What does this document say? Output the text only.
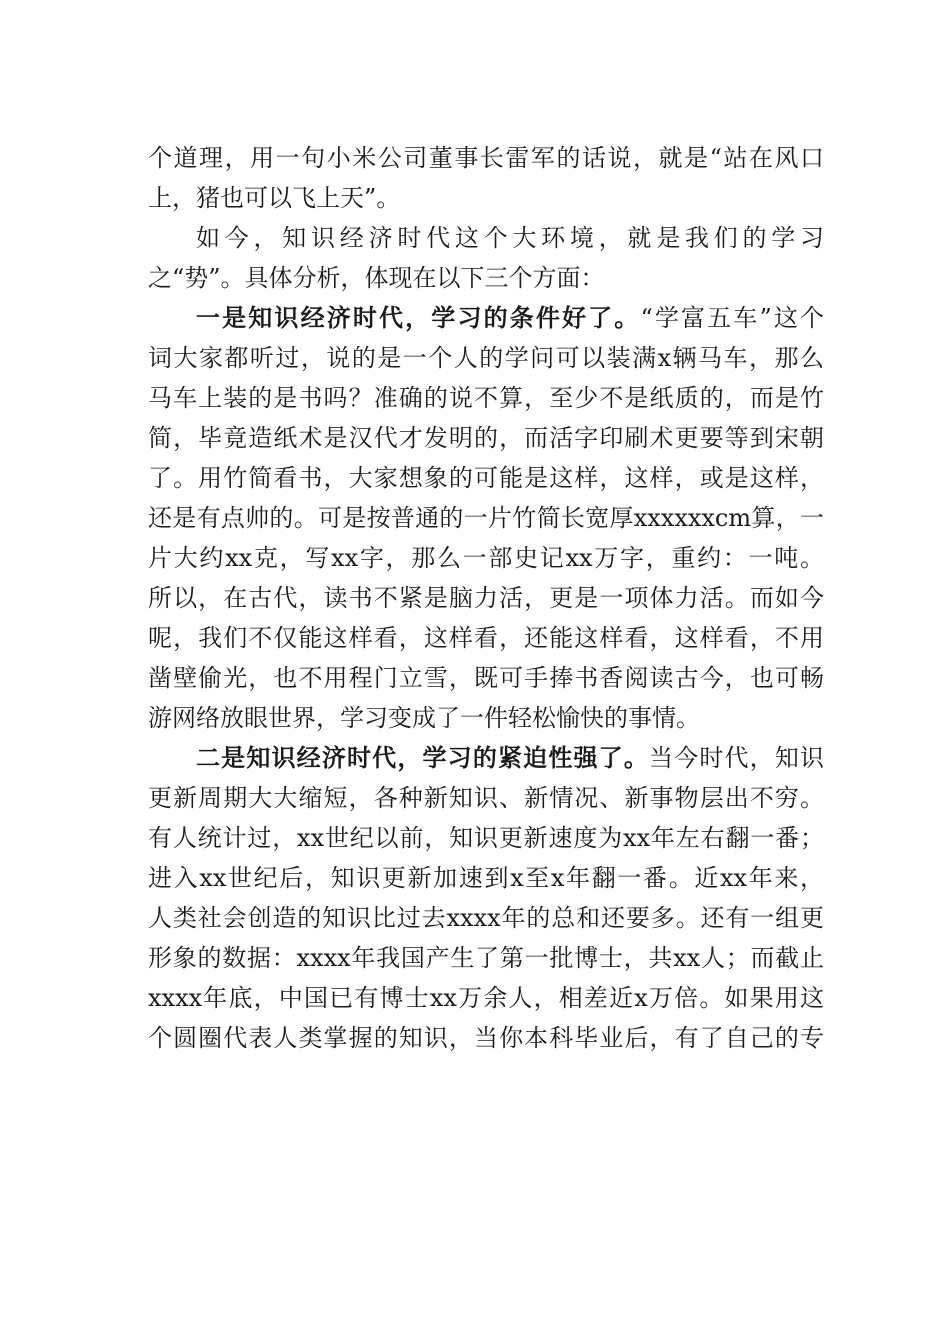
个道理，用一句小米公司董事长雷军的话说，就是“站在风口
上，猪也可以飞上天”。
如今，知识经济时代这个大环境，就是我们的学习
之“势”。具体分析，体现在以下三个方面：
一是知识经济时代，学习的条件好了。“学富五车”这个
词大家都听过，说的是一个人的学问可以装满x辆马车，那么
马车上装的是书吗？准确的说不算，至少不是纸质的，而是竹
简，毕竟造纸术是汉代才发明的，而活字印刷术更要等到宋朝
了。用竹简看书，大家想象的可能是这样，这样，或是这样，
还是有点帅的。可是按普通的一片竹简长宽厚xxxxxxcm算，一
片大约xx克，写xx字，那么一部史记xx万字，重约：一吨。
所以，在古代，读书不紧是脑力活，更是一项体力活。而如今
呢，我们不仅能这样看，这样看，还能这样看，这样看，不用
凿壁偷光，也不用程门立雪，既可手捧书香阅读古今，也可畅
游网络放眼世界，学习变成了一件轻松愉快的事情。
二是知识经济时代，学习的紧迫性强了。当今时代，知识
更新周期大大缩短，各种新知识、新情况、新事物层出不穷。
有人统计过，xx世纪以前，知识更新速度为xx年左右翻一番；
进入xx世纪后，知识更新加速到x至x年翻一番。近xx年来，
人类社会创造的知识比过去xxxx年的总和还要多。还有一组更
形象的数据：xxxx年我国产生了第一批博士，共xx人；而截止
xxxx年底，中国已有博士xx万余人，相差近x万倍。如果用这
个圆圈代表人类掌握的知识，当你本科毕业后，有了自己的专
